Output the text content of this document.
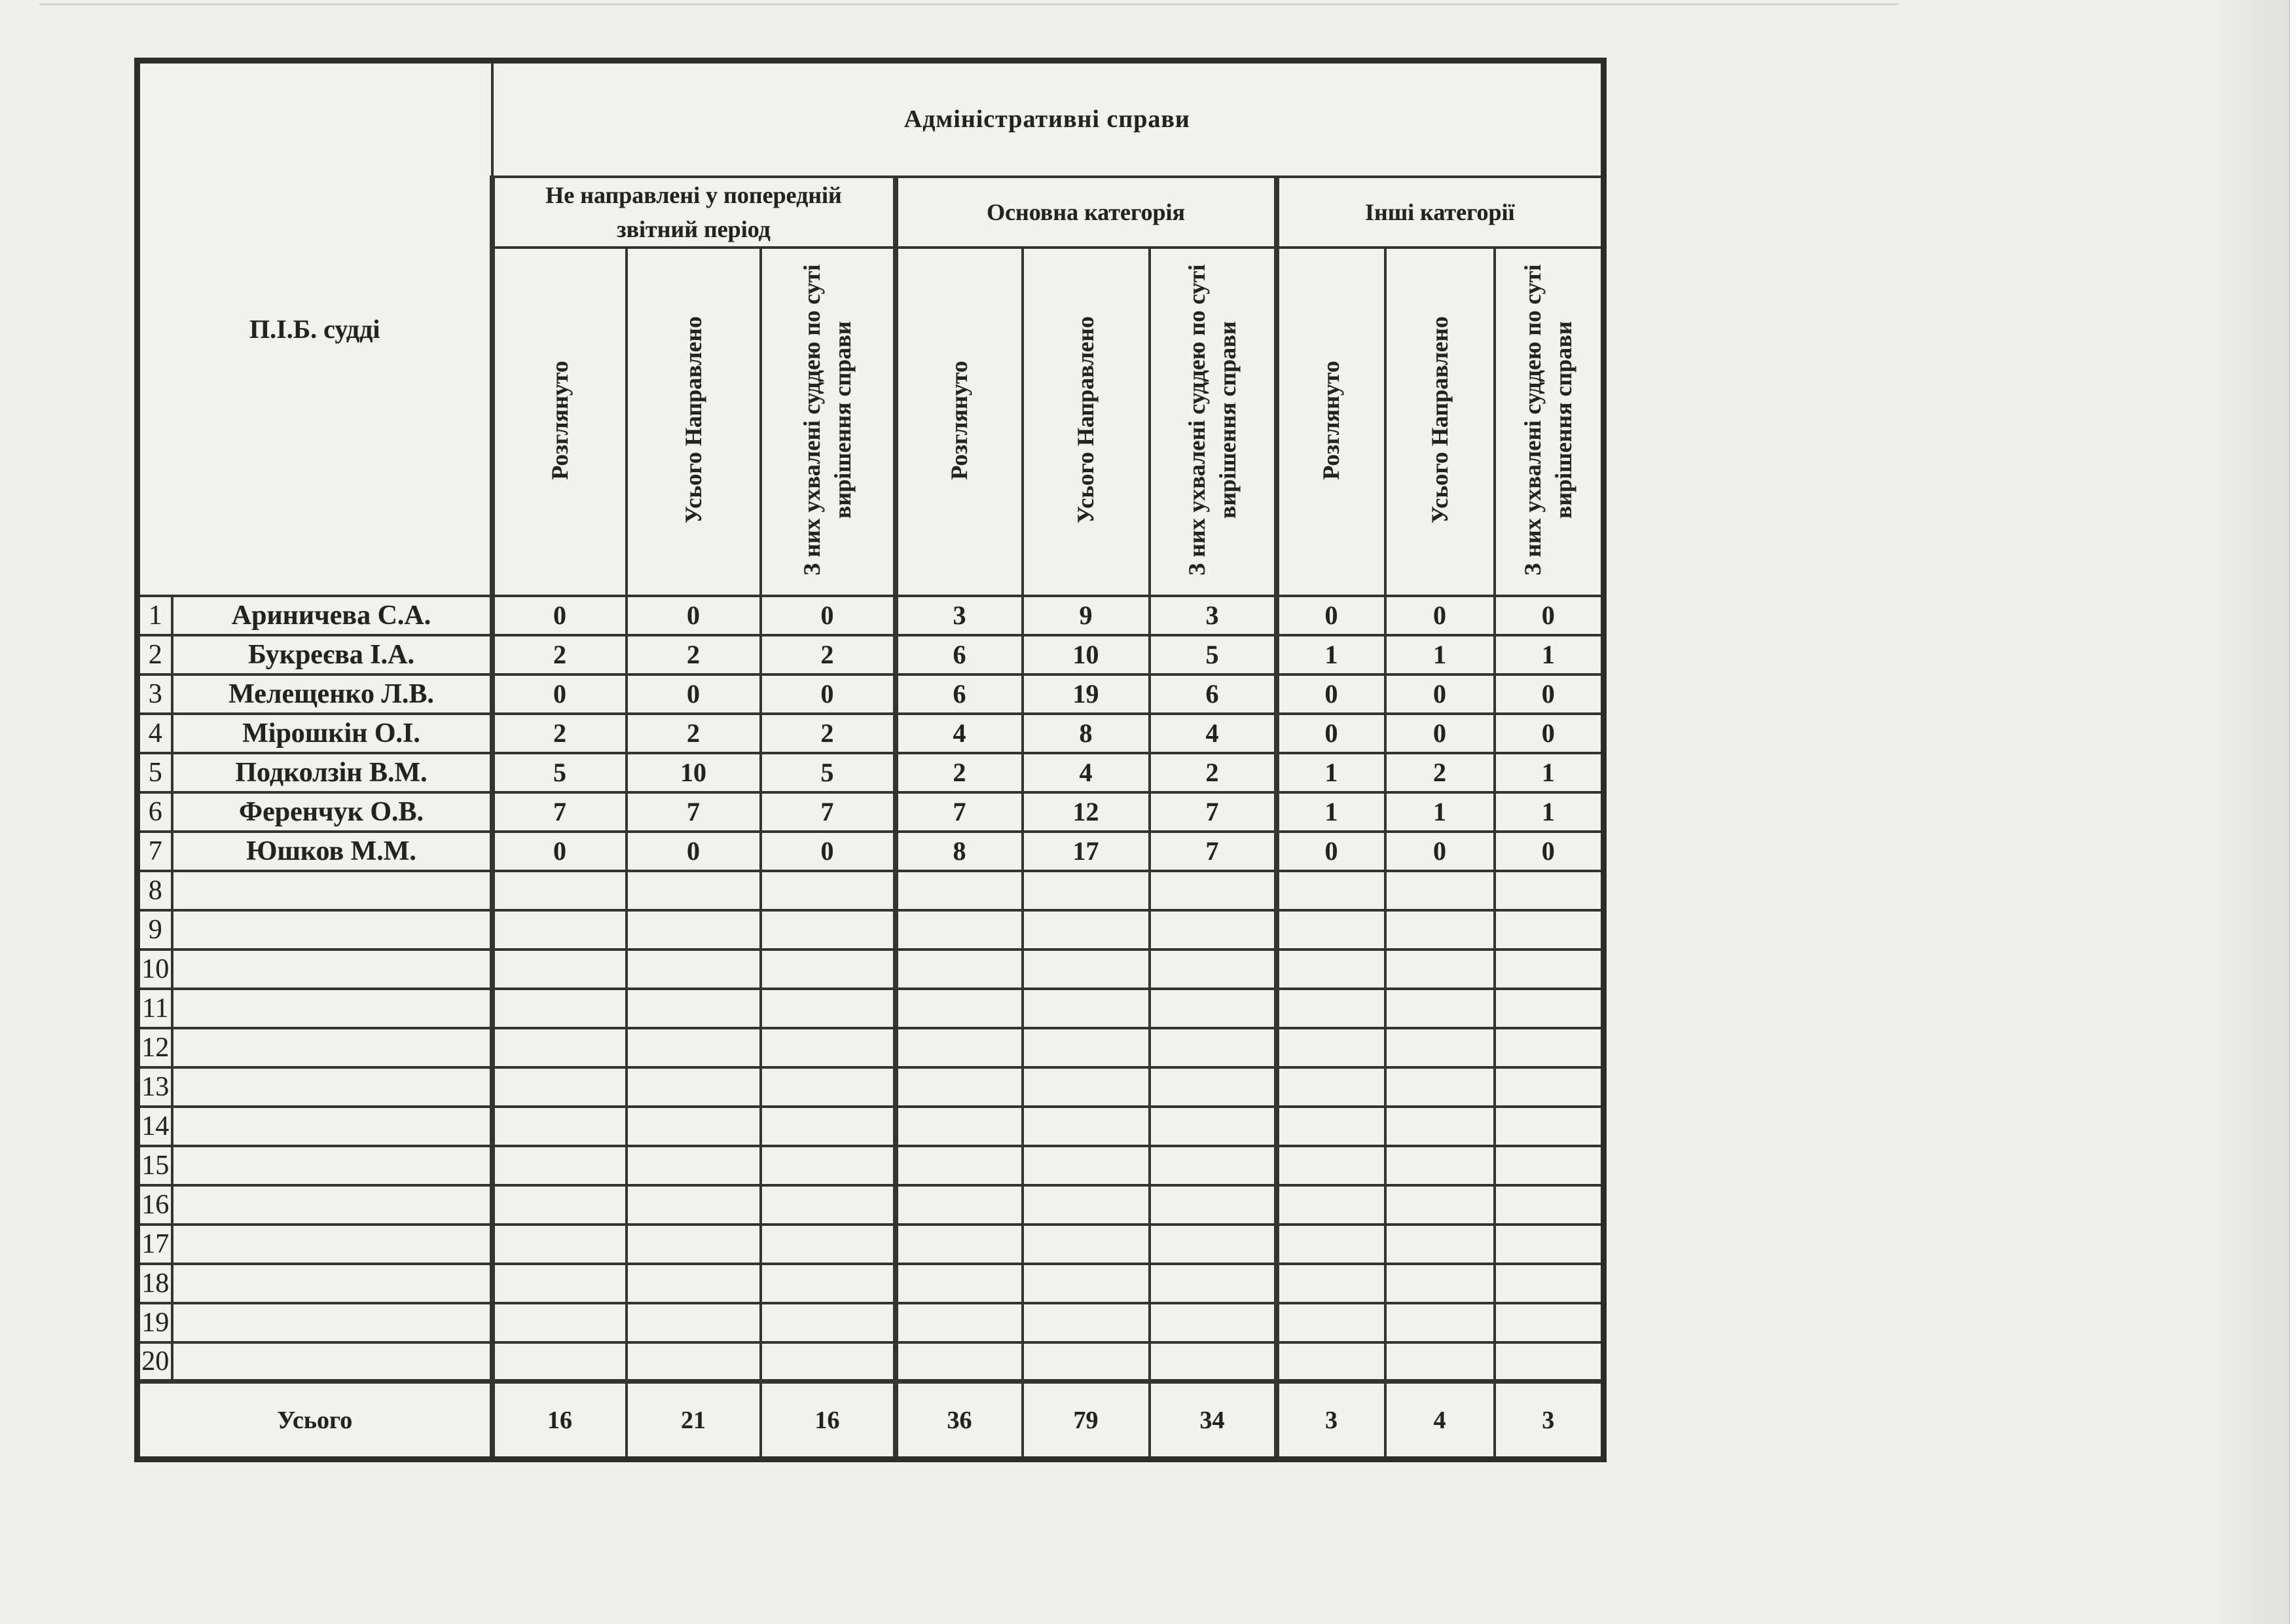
П.І.Б. судді		Адміністративні справи								
		Не направлені у попередній звітний період			Основна категорія			Інші категорії		
		Розглянуто	Усього Направлено	З них ухвалені суддею по суті вирішення справи	Розглянуто	Усього Направлено	З них ухвалені суддею по суті вирішення справи	Розглянуто	Усього Направлено	З них ухвалені суддею по суті вирішення справи
1	Ариничева С.А.	0	0	0	3	9	3	0	0	0
2	Букреєва І.А.	2	2	2	6	10	5	1	1	1
3	Мелещенко Л.В.	0	0	0	6	19	6	0	0	0
4	Мірошкін О.І.	2	2	2	4	8	4	0	0	0
5	Подколзін В.М.	5	10	5	2	4	2	1	2	1
6	Ференчук О.В.	7	7	7	7	12	7	1	1	1
7	Юшков М.М.	0	0	0	8	17	7	0	0	0
8										
9										
10										
11										
12										
13										
14										
15										
16										
17										
18										
19										
20										
Усього		16	21	16	36	79	34	3	4	3
